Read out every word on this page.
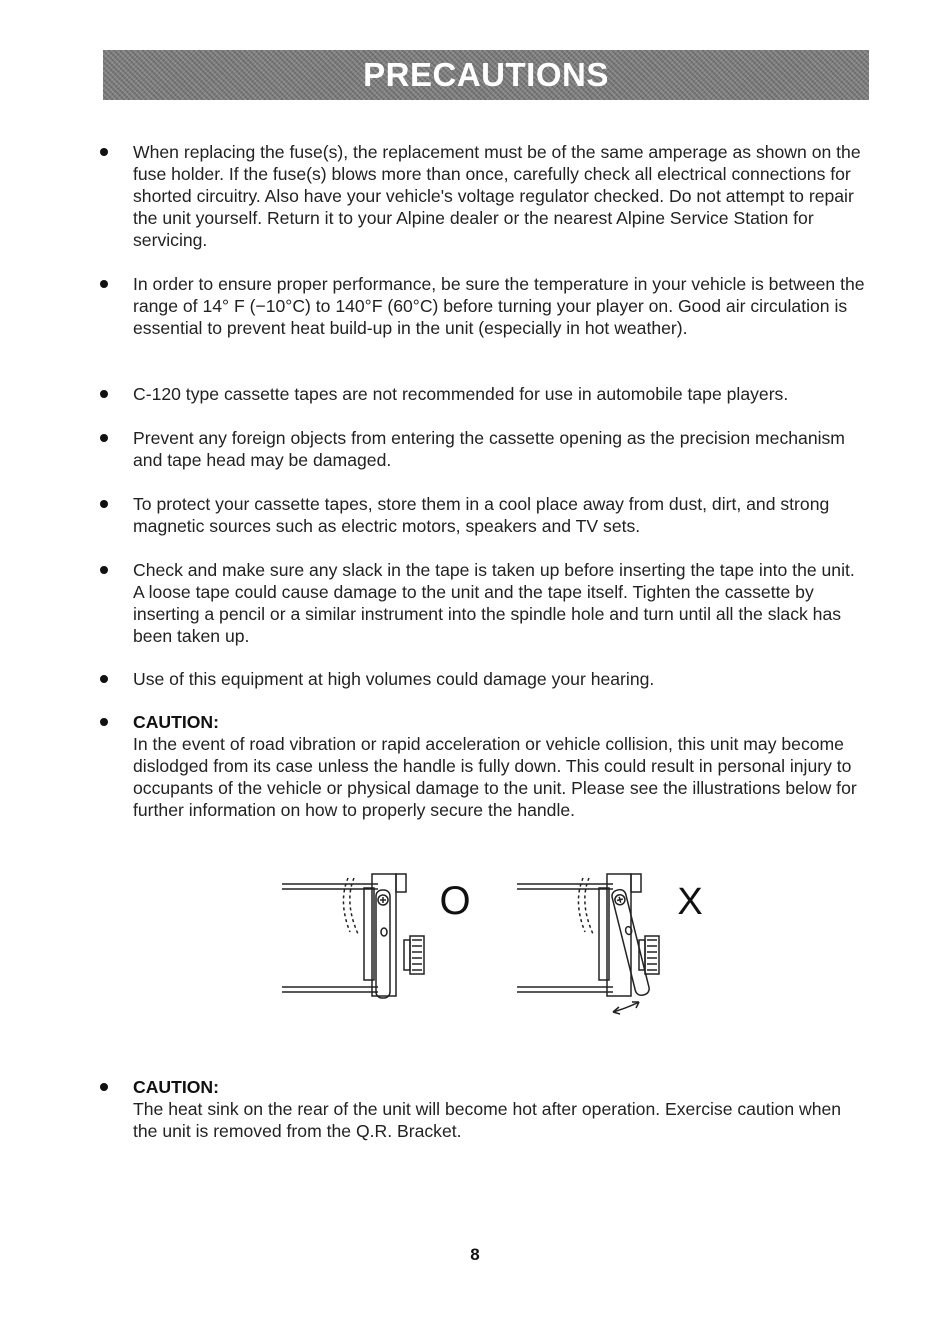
PRECAUTIONS
When replacing the fuse(s), the replacement must be of the same amperage as shown on the fuse holder. If the fuse(s) blows more than once, carefully check all electrical connections for shorted circuitry. Also have your vehicle's voltage regulator checked. Do not attempt to repair the unit yourself. Return it to your Alpine dealer or the nearest Alpine Service Station for servicing.
In order to ensure proper performance, be sure the temperature in your vehicle is between the range of 14° F (−10°C) to 140°F (60°C) before turning your player on. Good air circulation is essential to prevent heat build-up in the unit (especially in hot weather).
C-120 type cassette tapes are not recommended for use in automobile tape players.
Prevent any foreign objects from entering the cassette opening as the precision mechanism and tape head may be damaged.
To protect your cassette tapes, store them in a cool place away from dust, dirt, and strong magnetic sources such as electric motors, speakers and TV sets.
Check and make sure any slack in the tape is taken up before inserting the tape into the unit. A loose tape could cause damage to the unit and the tape itself. Tighten the cassette by inserting a pencil or a similar instrument into the spindle hole and turn until all the slack has been taken up.
Use of this equipment at high volumes could damage your hearing.
CAUTION:
In the event of road vibration or rapid acceleration or vehicle collision, this unit may become dislodged from its case unless the handle is fully down. This could result in personal injury to occupants of the vehicle or physical damage to the unit. Please see the illustrations below for further information on how to properly secure the handle.
CAUTION:
The heat sink on the rear of the unit will become hot after operation. Exercise caution when the unit is removed from the Q.R. Bracket.
O	X
8
